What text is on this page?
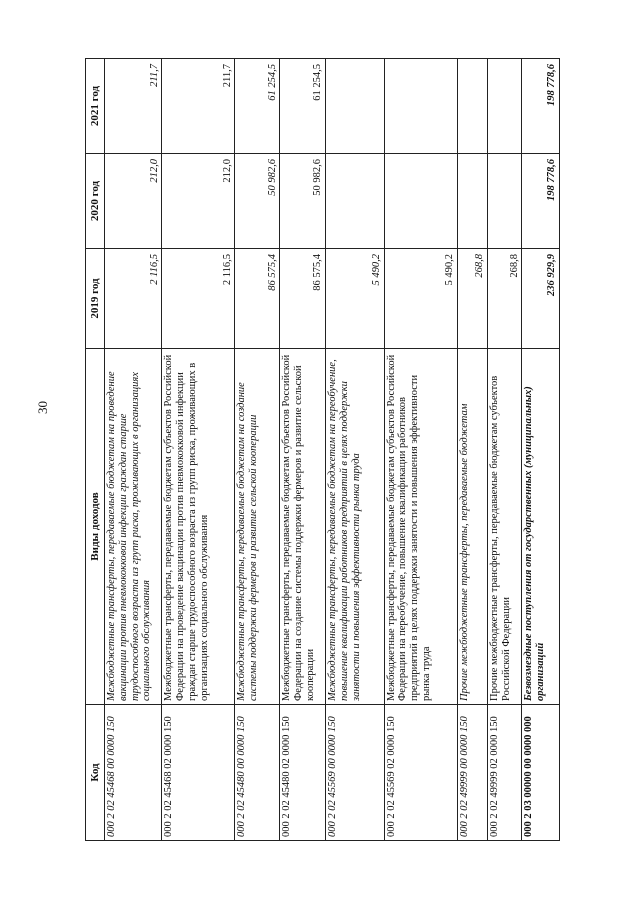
30
Код	Виды доходов	2019 год	2020 год	2021 год
000 2 02 45468 00 0000 150	Межбюджетные трансферты, передаваемые бюджетам на проведение вакцинации против пневмококковой инфекции граждан старше трудоспособного возраста из групп риска, проживающих в организациях социального обслуживания	2 116,5	212,0	211,7
000 2 02 45468 02 0000 150	Межбюджетные трансферты, передаваемые бюджетам субъектов Российской Федерации на проведение вакцинации против пневмококковой инфекции граждан старше трудоспособного возраста из групп риска, проживающих в организациях социального обслуживания	2 116,5	212,0	211,7
000 2 02 45480 00 0000 150	Межбюджетные трансферты, передаваемые бюджетам на создание системы поддержки фермеров и развитие сельской кооперации	86 575,4	50 982,6	61 254,5
000 2 02 45480 02 0000 150	Межбюджетные трансферты, передаваемые бюджетам субъектов Российской Федерации на создание системы поддержки фермеров и развитие сельской кооперации	86 575,4	50 982,6	61 254,5
000 2 02 45569 00 0000 150	Межбюджетные трансферты, передаваемые бюджетам на переобучение, повышение квалификации работников предприятий в целях поддержки занятости и повышения эффективности рынка труда	5 490,2		
000 2 02 45569 02 0000 150	Межбюджетные трансферты, передаваемые бюджетам субъектов Российской Федерации на переобучение, повышение квалификации работников предприятий в целях поддержки занятости и повышения эффективности рынка труда	5 490,2		
000 2 02 49999 00 0000 150	Прочие межбюджетные трансферты, передаваемые бюджетам	268,8		
000 2 02 49999 02 0000 150	Прочие межбюджетные трансферты, передаваемые бюджетам субъектов Российской Федерации	268,8		
000 2 03 00000 00 0000 000	Безвозмездные поступления от государственных (муниципальных) организаций	236 929,9	198 778,6	198 778,6
